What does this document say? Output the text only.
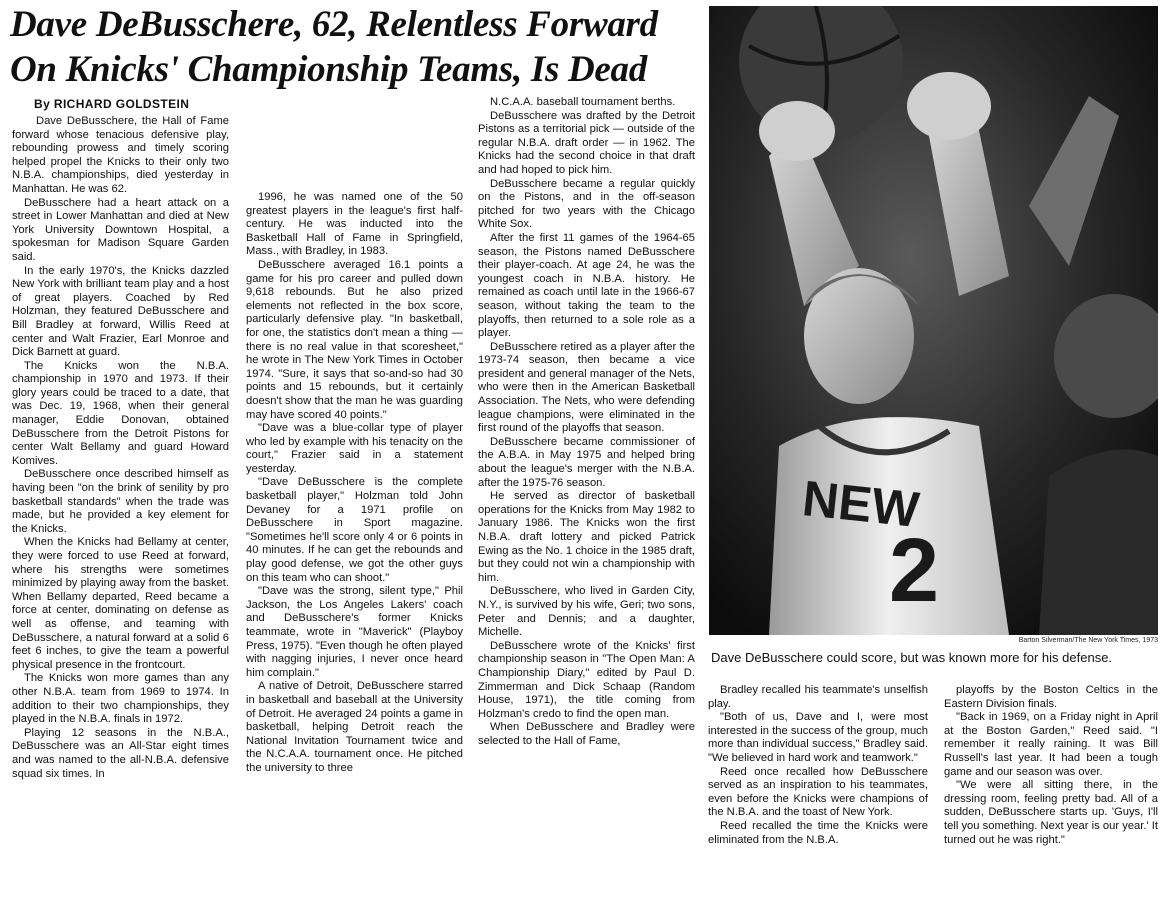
Dave DeBusschere, 62, Relentless Forward
On Knicks' Championship Teams, Is Dead
By RICHARD GOLDSTEIN

Dave DeBusschere, the Hall of Fame forward whose tenacious defensive play, rebounding prowess and timely scoring helped propel the Knicks to their only two N.B.A. championships, died yesterday in Manhattan. He was 62.

DeBusschere had a heart attack on a street in Lower Manhattan and died at New York University Downtown Hospital, a spokesman for Madison Square Garden said.

In the early 1970's, the Knicks dazzled New York with brilliant team play and a host of great players. Coached by Red Holzman, they featured DeBusschere and Bill Bradley at forward, Willis Reed at center and Walt Frazier, Earl Monroe and Dick Barnett at guard.

The Knicks won the N.B.A. championship in 1970 and 1973. If their glory years could be traced to a date, that was Dec. 19, 1968, when their general manager, Eddie Donovan, obtained DeBusschere from the Detroit Pistons for center Walt Bellamy and guard Howard Komives.

DeBusschere once described himself as having been "on the brink of senility by pro basketball standards" when the trade was made, but he provided a key element for the Knicks.

When the Knicks had Bellamy at center, they were forced to use Reed at forward, where his strengths were sometimes minimized by playing away from the basket. When Bellamy departed, Reed became a force at center, dominating on defense as well as offense, and teaming with DeBusschere, a natural forward at a solid 6 feet 6 inches, to give the team a powerful physical presence in the frontcourt.

The Knicks won more games than any other N.B.A. team from 1969 to 1974. In addition to their two championships, they played in the N.B.A. finals in 1972.

Playing 12 seasons in the N.B.A., DeBusschere was an All-Star eight times and was named to the all-N.B.A. defensive squad six times. In

1996, he was named one of the 50 greatest players in the league's first half-century. He was inducted into the Basketball Hall of Fame in Springfield, Mass., with Bradley, in 1983.

DeBusschere averaged 16.1 points a game for his pro career and pulled down 9,618 rebounds. But he also prized elements not reflected in the box score, particularly defensive play. "In basketball, for one, the statistics don't mean a thing — there is no real value in that scoresheet," he wrote in The New York Times in October 1974. "Sure, it says that so-and-so had 30 points and 15 rebounds, but it certainly doesn't show that the man he was guarding may have scored 40 points."

"Dave was a blue-collar type of player who led by example with his tenacity on the court," Frazier said in a statement yesterday.

"Dave DeBusschere is the complete basketball player," Holzman told John Devaney for a 1971 profile on DeBusschere in Sport magazine. "Sometimes he'll score only 4 or 6 points in 40 minutes. If he can get the rebounds and play good defense, we got the other guys on this team who can shoot."

"Dave was the strong, silent type," Phil Jackson, the Los Angeles Lakers' coach and DeBusschere's former Knicks teammate, wrote in "Maverick" (Playboy Press, 1975). "Even though he often played with nagging injuries, I never once heard him complain."

A native of Detroit, DeBusschere starred in basketball and baseball at the University of Detroit. He averaged 24 points a game in basketball, helping Detroit reach the National Invitation Tournament twice and the N.C.A.A. tournament once. He pitched the university to three

N.C.A.A. baseball tournament berths.

DeBusschere was drafted by the Detroit Pistons as a territorial pick — outside of the regular N.B.A. draft order — in 1962. The Knicks had the second choice in that draft and had hoped to pick him.

DeBusschere became a regular quickly on the Pistons, and in the off-season pitched for two years with the Chicago White Sox.

After the first 11 games of the 1964-65 season, the Pistons named DeBusschere their player-coach. At age 24, he was the youngest coach in N.B.A. history. He remained as coach until late in the 1966-67 season, without taking the team to the playoffs, then returned to a sole role as a player.

DeBusschere retired as a player after the 1973-74 season, then became a vice president and general manager of the Nets, who were then in the American Basketball Association. The Nets, who were defending league champions, were eliminated in the first round of the playoffs that season.

DeBusschere became commissioner of the A.B.A. in May 1975 and helped bring about the league's merger with the N.B.A. after the 1975-76 season.

He served as director of basketball operations for the Knicks from May 1982 to January 1986. The Knicks won the first N.B.A. draft lottery and picked Patrick Ewing as the No. 1 choice in the 1985 draft, but they could not win a championship with him.

DeBusschere, who lived in Garden City, N.Y., is survived by his wife, Geri; two sons, Peter and Dennis; and a daughter, Michelle.

DeBusschere wrote of the Knicks' first championship season in "The Open Man: A Championship Diary," edited by Paul D. Zimmerman and Dick Schaap (Random House, 1971), the title coming from Holzman's credo to find the open man.

When DeBusschere and Bradley were selected to the Hall of Fame,

NEW
2
Barton Silverman/The New York Times, 1973
Dave DeBusschere could score, but was known more for his defense.

Bradley recalled his teammate's unselfish play.

"Both of us, Dave and I, were most interested in the success of the group, much more than individual success," Bradley said. "We believed in hard work and teamwork."

Reed once recalled how DeBusschere served as an inspiration to his teammates, even before the Knicks were champions of the N.B.A. and the toast of New York.

Reed recalled the time the Knicks were eliminated from the N.B.A.

playoffs by the Boston Celtics in the Eastern Division finals.

"Back in 1969, on a Friday night in April at the Boston Garden," Reed said. "I remember it really raining. It was Bill Russell's last year. It had been a tough game and our season was over.

"We were all sitting there, in the dressing room, feeling pretty bad. All of a sudden, DeBusschere starts up. 'Guys, I'll tell you something. Next year is our year.' It turned out he was right."
